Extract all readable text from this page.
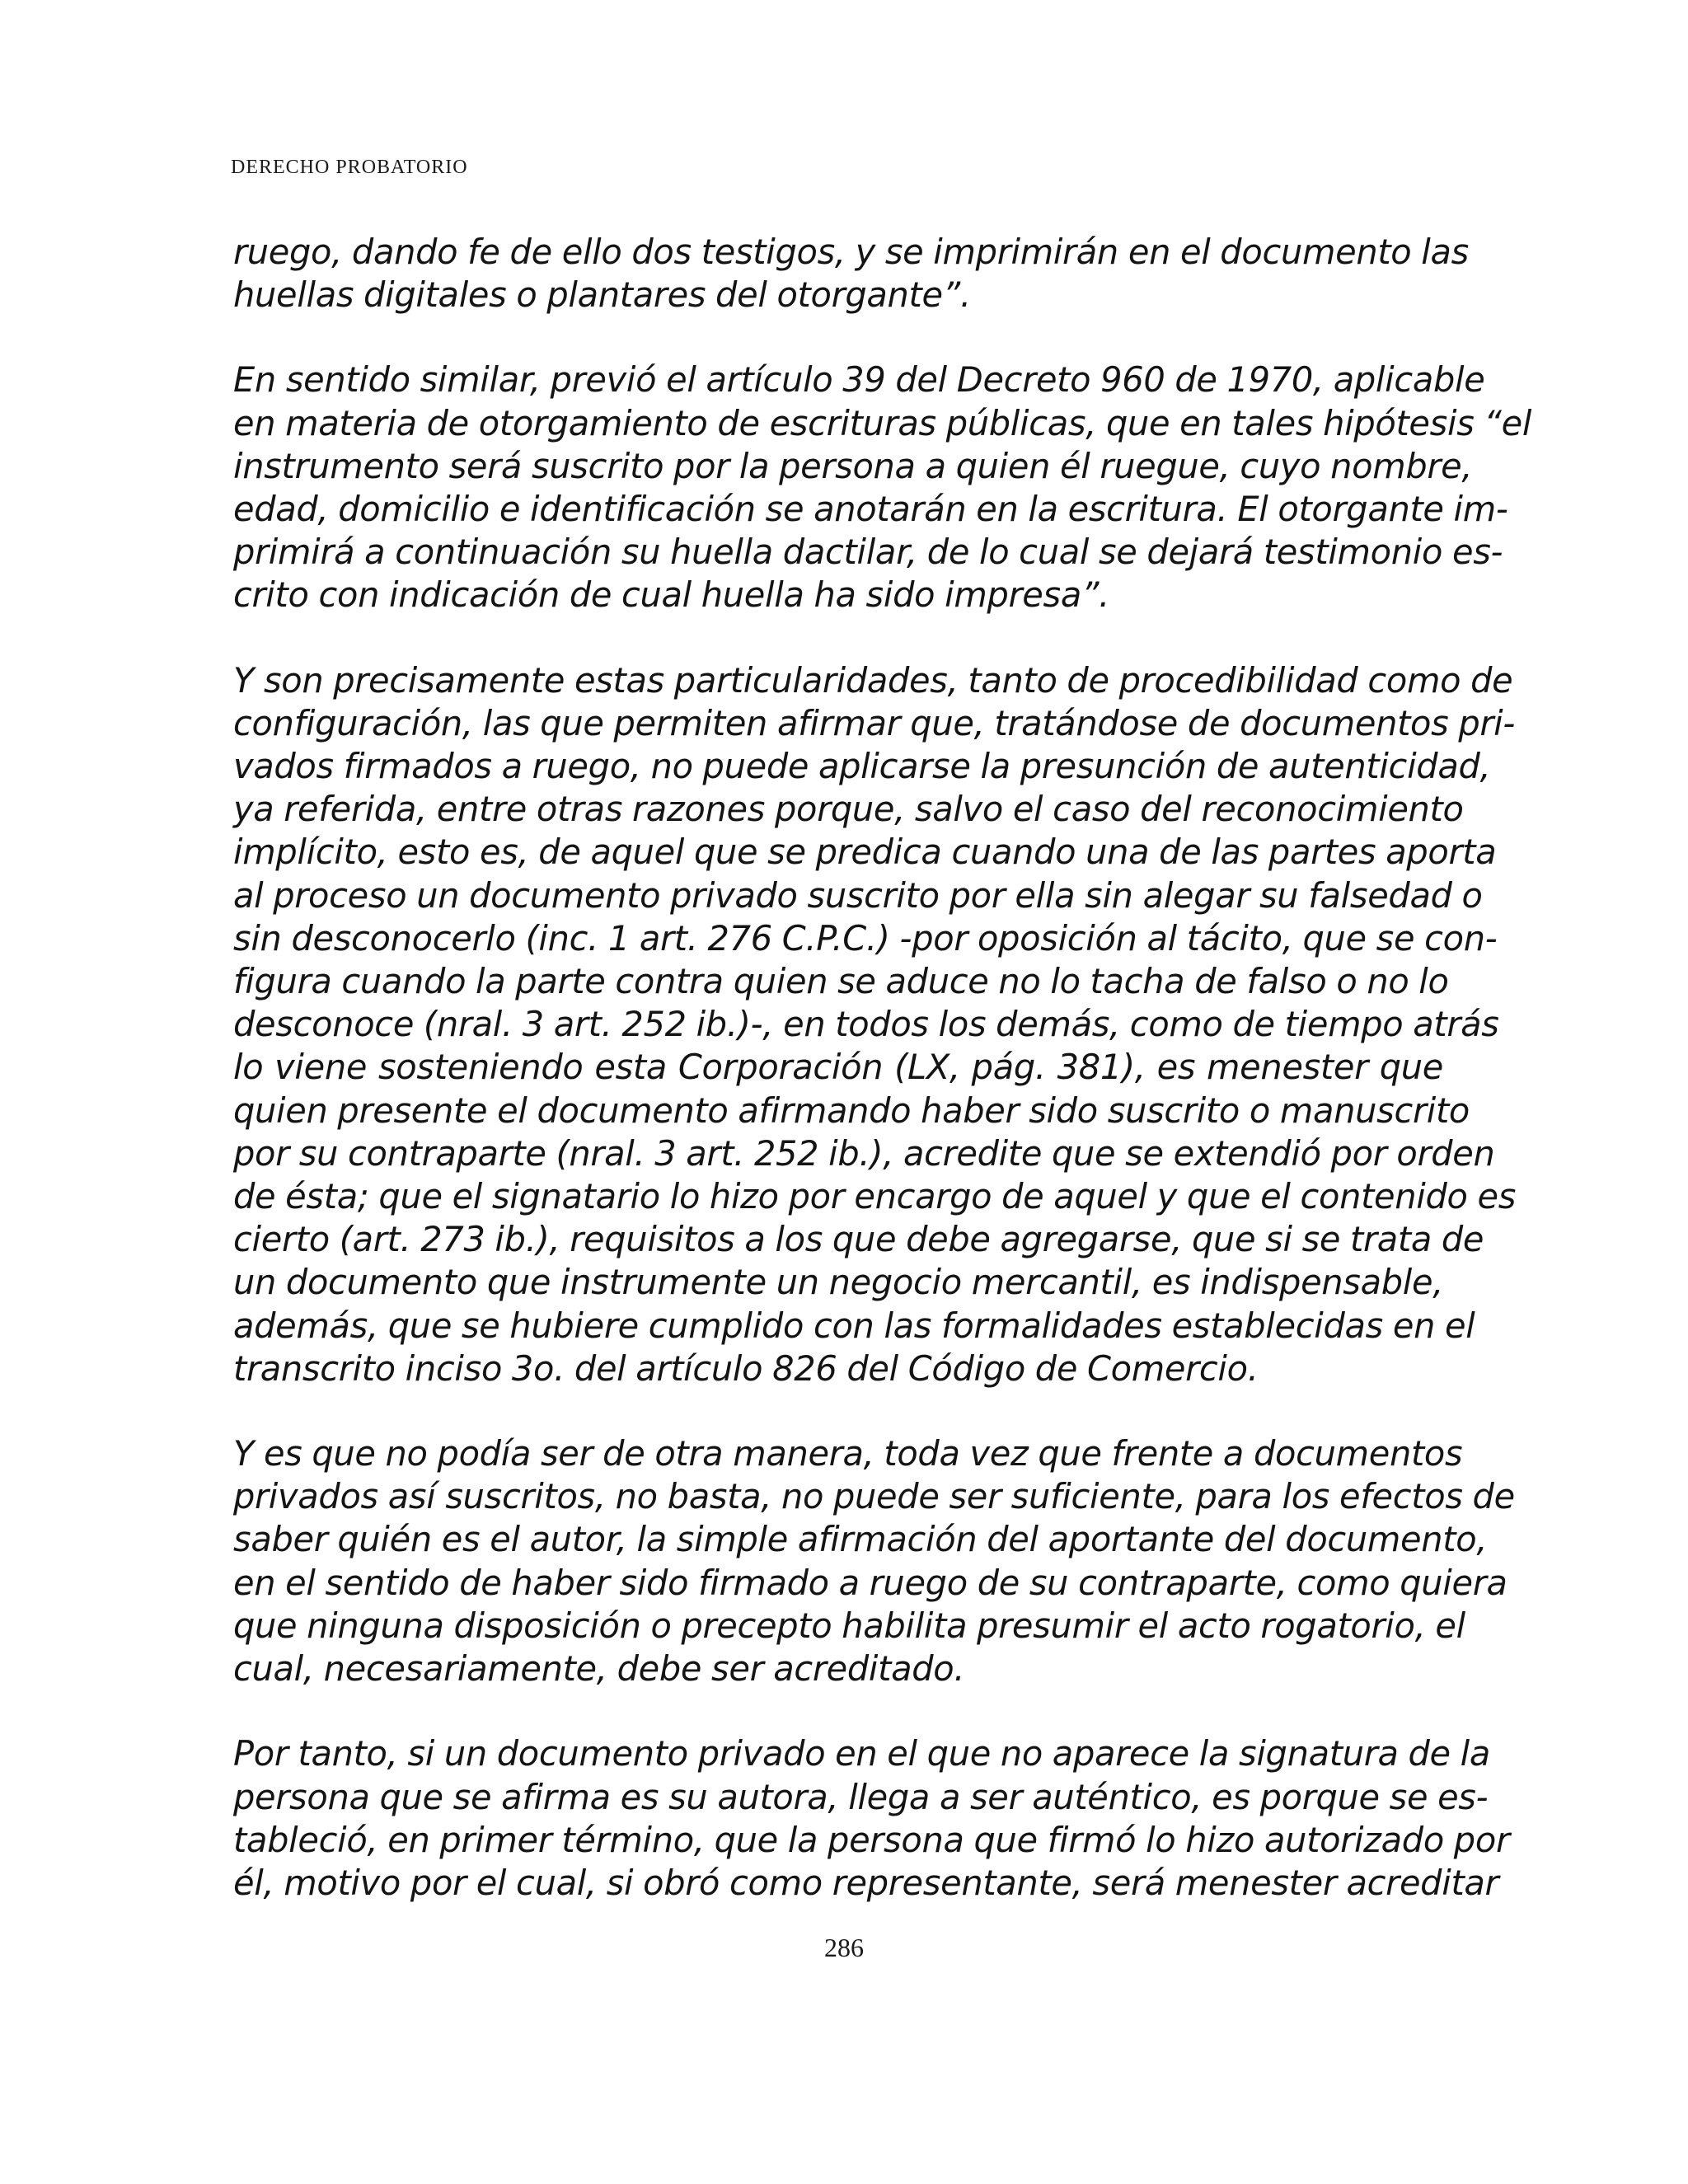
DERECHO PROBATORIO

ruego, dando fe de ello dos testigos, y se imprimirán en el documento las
huellas digitales o plantares del otorgante”.

En sentido similar, previó el artículo 39 del Decreto 960 de 1970, aplicable
en materia de otorgamiento de escrituras públicas, que en tales hipótesis “el
instrumento será suscrito por la persona a quien él ruegue, cuyo nombre,
edad, domicilio e identificación se anotarán en la escritura. El otorgante im-
primirá a continuación su huella dactilar, de lo cual se dejará testimonio es-
crito con indicación de cual huella ha sido impresa”.

Y son precisamente estas particularidades, tanto de procedibilidad como de
configuración, las que permiten afirmar que, tratándose de documentos pri-
vados firmados a ruego, no puede aplicarse la presunción de autenticidad,
ya referida, entre otras razones porque, salvo el caso del reconocimiento
implícito, esto es, de aquel que se predica cuando una de las partes aporta
al proceso un documento privado suscrito por ella sin alegar su falsedad o
sin desconocerlo (inc. 1 art. 276 C.P.C.) -por oposición al tácito, que se con-
figura cuando la parte contra quien se aduce no lo tacha de falso o no lo
desconoce (nral. 3 art. 252 ib.)-, en todos los demás, como de tiempo atrás
lo viene sosteniendo esta Corporación (LX, pág. 381), es menester que
quien presente el documento afirmando haber sido suscrito o manuscrito
por su contraparte (nral. 3 art. 252 ib.), acredite que se extendió por orden
de ésta; que el signatario lo hizo por encargo de aquel y que el contenido es
cierto (art. 273 ib.), requisitos a los que debe agregarse, que si se trata de
un documento que instrumente un negocio mercantil, es indispensable,
además, que se hubiere cumplido con las formalidades establecidas en el
transcrito inciso 3o. del artículo 826 del Código de Comercio.

Y es que no podía ser de otra manera, toda vez que frente a documentos
privados así suscritos, no basta, no puede ser suficiente, para los efectos de
saber quién es el autor, la simple afirmación del aportante del documento,
en el sentido de haber sido firmado a ruego de su contraparte, como quiera
que ninguna disposición o precepto habilita presumir el acto rogatorio, el
cual, necesariamente, debe ser acreditado.

Por tanto, si un documento privado en el que no aparece la signatura de la
persona que se afirma es su autora, llega a ser auténtico, es porque se es-
tableció, en primer término, que la persona que firmó lo hizo autorizado por
él, motivo por el cual, si obró como representante, será menester acreditar

286
